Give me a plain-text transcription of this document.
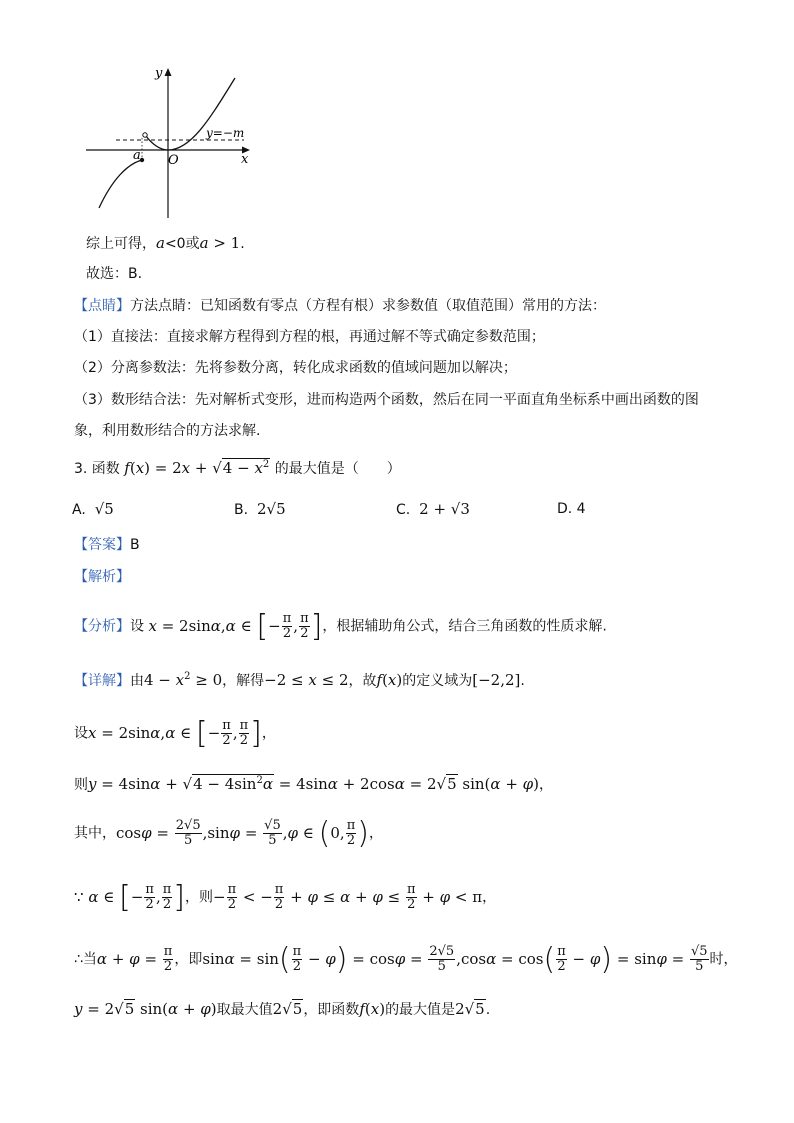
y
x
O
a
y=−m
综上可得，a<0或a > 1.
故选：B.
【点睛】方法点睛：已知函数有零点（方程有根）求参数值（取值范围）常用的方法：
（1）直接法：直接求解方程得到方程的根，再通过解不等式确定参数范围；
（2）分离参数法：先将参数分离，转化成求函数的值域问题加以解决；
（3）数形结合法：先对解析式变形，进而构造两个函数，然后在同一平面直角坐标系中画出函数的图
象，利用数形结合的方法求解.
3. 函数 $f(x) = 2x + √4 - x^2$ 的最大值是（　　）
A. √5	B. 2√5	C. 2 + √3	D. 4
【答案】B
【解析】
【分析】设 x = 2sinα,α ∈ [− $\frac{\pi}{2}$ , $\frac{\pi}{2}$ ]，根据辅助角公式，结合三角函数的性质求解.
【详解】由$4 - x^2 \ge 0$，解得−2 ≤ x ≤ 2，故f(x)的定义域为[−2,2].
设x = 2sinα,α ∈ [− $\frac{\pi}{2}$ , $\frac{\pi}{2}$ ]，
则$y = 4\sin\alpha + √4 - 4\sin^2\alpha = 4\sin\alpha + 2\cos\alpha = 2√5$ sin(α + φ)，
其中，$\cos\varphi = \frac{2√5}{5} ,\sin\varphi = \frac{√5}{5} ,\varphi$ ∈ (0, $\frac{\pi}{2}$ )，
∵ α ∈ [− $\frac{\pi}{2}$ , $\frac{\pi}{2}$ ]，则− $\frac{\pi}{2}$ < − $\frac{\pi}{2} + \varphi \le \alpha + \varphi \le \frac{\pi}{2} + \varphi < \pi$，
∴当$\alpha + \varphi = \frac{\pi}{2}$ ，即$\sin\alpha = \sin( \frac{\pi}{2} - \varphi) = \cos\varphi = \frac{2√5}{5} ,\cos\alpha = \cos( \frac{\pi}{2} - \varphi) = \sin\varphi = \frac{√5}{5}$ 时，
y = 2√5 sin(α + φ)取最大值2√5，即函数f(x)的最大值是2√5.
